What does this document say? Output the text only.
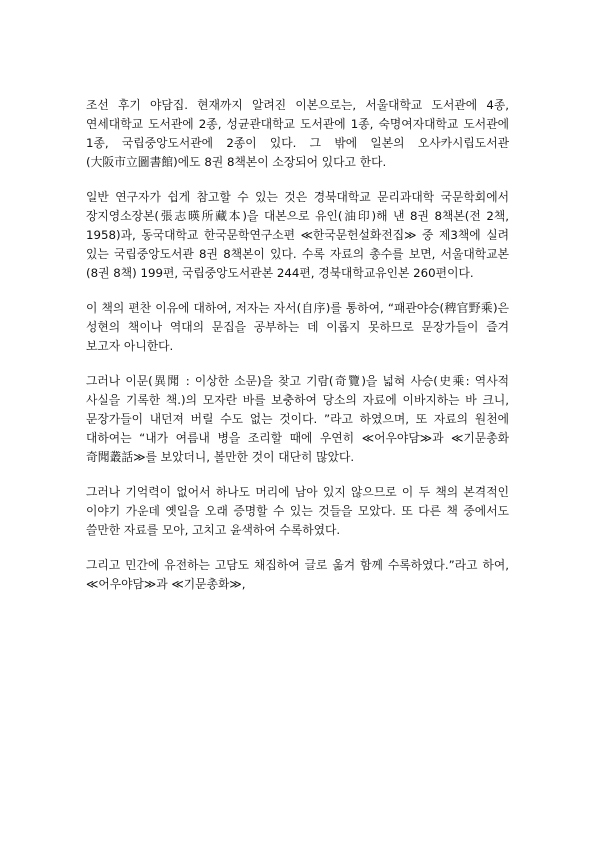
조선 후기 야담집. 현재까지 알려진 이본으로는, 서울대학교 도서관에 4종, 연세대학교 도서관에 2종, 성균관대학교 도서관에 1종, 숙명여자대학교 도서관에 1종, 국립중앙도서관에 2종이 있다. 그 밖에 일본의 오사카시립도서관(大阪市立圖書館)에도 8권 8책본이 소장되어 있다고 한다.

일반 연구자가 쉽게 참고할 수 있는 것은 경북대학교 문리과대학 국문학회에서 장지영소장본(張志暎所藏本)을 대본으로 유인(油印)해 낸 8권 8책본(전 2책, 1958)과, 동국대학교 한국문학연구소편 ≪한국문헌설화전집≫ 중 제3책에 실려 있는 국립중앙도서관 8권 8책본이 있다. 수록 자료의 총수를 보면, 서울대학교본(8권 8책) 199편, 국립중앙도서관본 244편, 경북대학교유인본 260편이다.

이 책의 편찬 이유에 대하여, 저자는 자서(自序)를 통하여, “패관야승(稗官野乘)은 성현의 책이나 역대의 문집을 공부하는 데 이롭지 못하므로 문장가들이 즐겨 보고자 아니한다.

그러나 이문(異聞 : 이상한 소문)을 찾고 기람(奇覽)을 넓혀 사승(史乘: 역사적 사실을 기록한 책.)의 모자란 바를 보충하여 당소의 자료에 이바지하는 바 크니, 문장가들이 내던져 버릴 수도 없는 것이다. ”라고 하였으며, 또 자료의 원천에 대하여는 “내가 여름내 병을 조리할 때에 우연히 ≪어우야담≫과 ≪기문총화 奇聞叢話≫를 보았더니, 볼만한 것이 대단히 많았다.

그러나 기억력이 없어서 하나도 머리에 남아 있지 않으므로 이 두 책의 본격적인 이야기 가운데 옛일을 오래 증명할 수 있는 것들을 모았다. 또 다른 책 중에서도 쓸만한 자료를 모아, 고치고 윤색하여 수록하였다.

그리고 민간에 유전하는 고담도 채집하여 글로 옮겨 함께 수록하였다.”라고 하여, ≪어우야담≫과 ≪기문총화≫,
